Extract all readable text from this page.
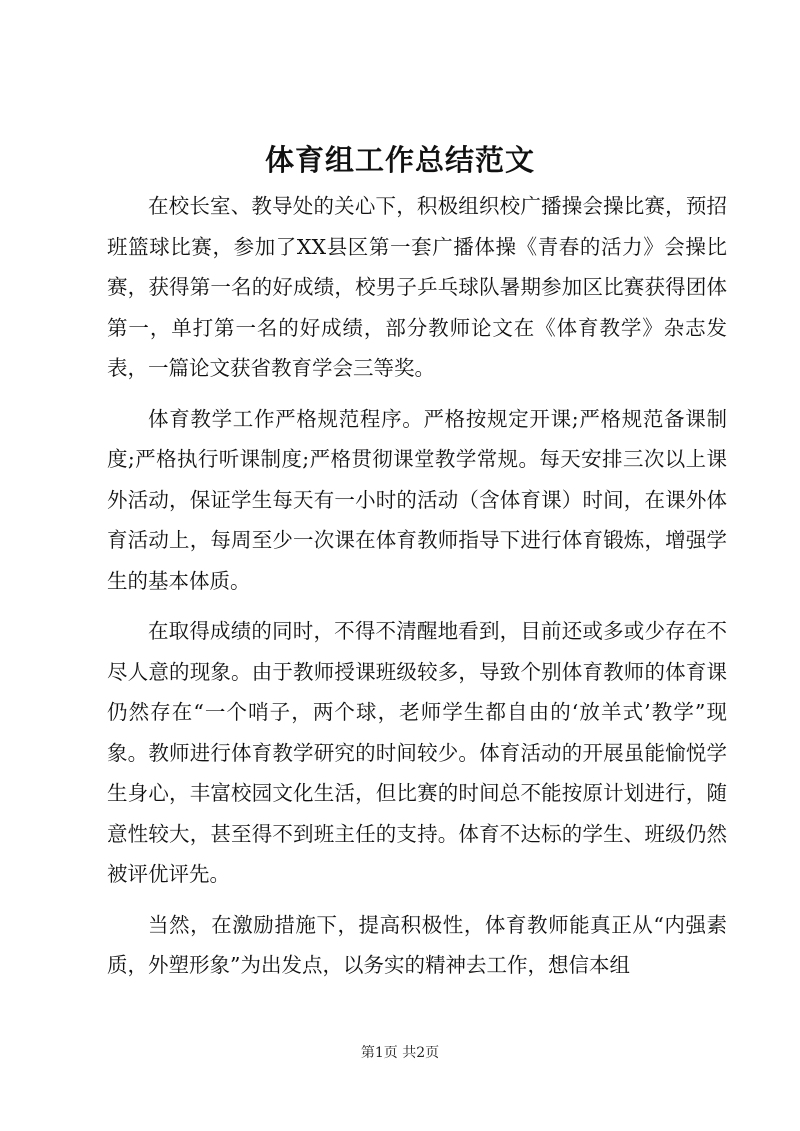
体育组工作总结范文

在校长室、教导处的关心下，积极组织校广播操会操比赛，预招班篮球比赛，参加了XX县区第一套广播体操《青春的活力》会操比赛，获得第一名的好成绩，校男子乒乓球队暑期参加区比赛获得团体第一，单打第一名的好成绩，部分教师论文在《体育教学》杂志发表，一篇论文获省教育学会三等奖。

体育教学工作严格规范程序。严格按规定开课;严格规范备课制度;严格执行听课制度;严格贯彻课堂教学常规。每天安排三次以上课外活动，保证学生每天有一小时的活动（含体育课）时间，在课外体育活动上，每周至少一次课在体育教师指导下进行体育锻炼，增强学生的基本体质。

在取得成绩的同时，不得不清醒地看到，目前还或多或少存在不尽人意的现象。由于教师授课班级较多，导致个别体育教师的体育课仍然存在“一个哨子，两个球，老师学生都自由的‘放羊式’教学”现象。教师进行体育教学研究的时间较少。体育活动的开展虽能愉悦学生身心，丰富校园文化生活，但比赛的时间总不能按原计划进行，随意性较大，甚至得不到班主任的支持。体育不达标的学生、班级仍然被评优评先。

当然，在激励措施下，提高积极性，体育教师能真正从“内强素质，外塑形象”为出发点，以务实的精神去工作，想信本组

第1页 共2页
